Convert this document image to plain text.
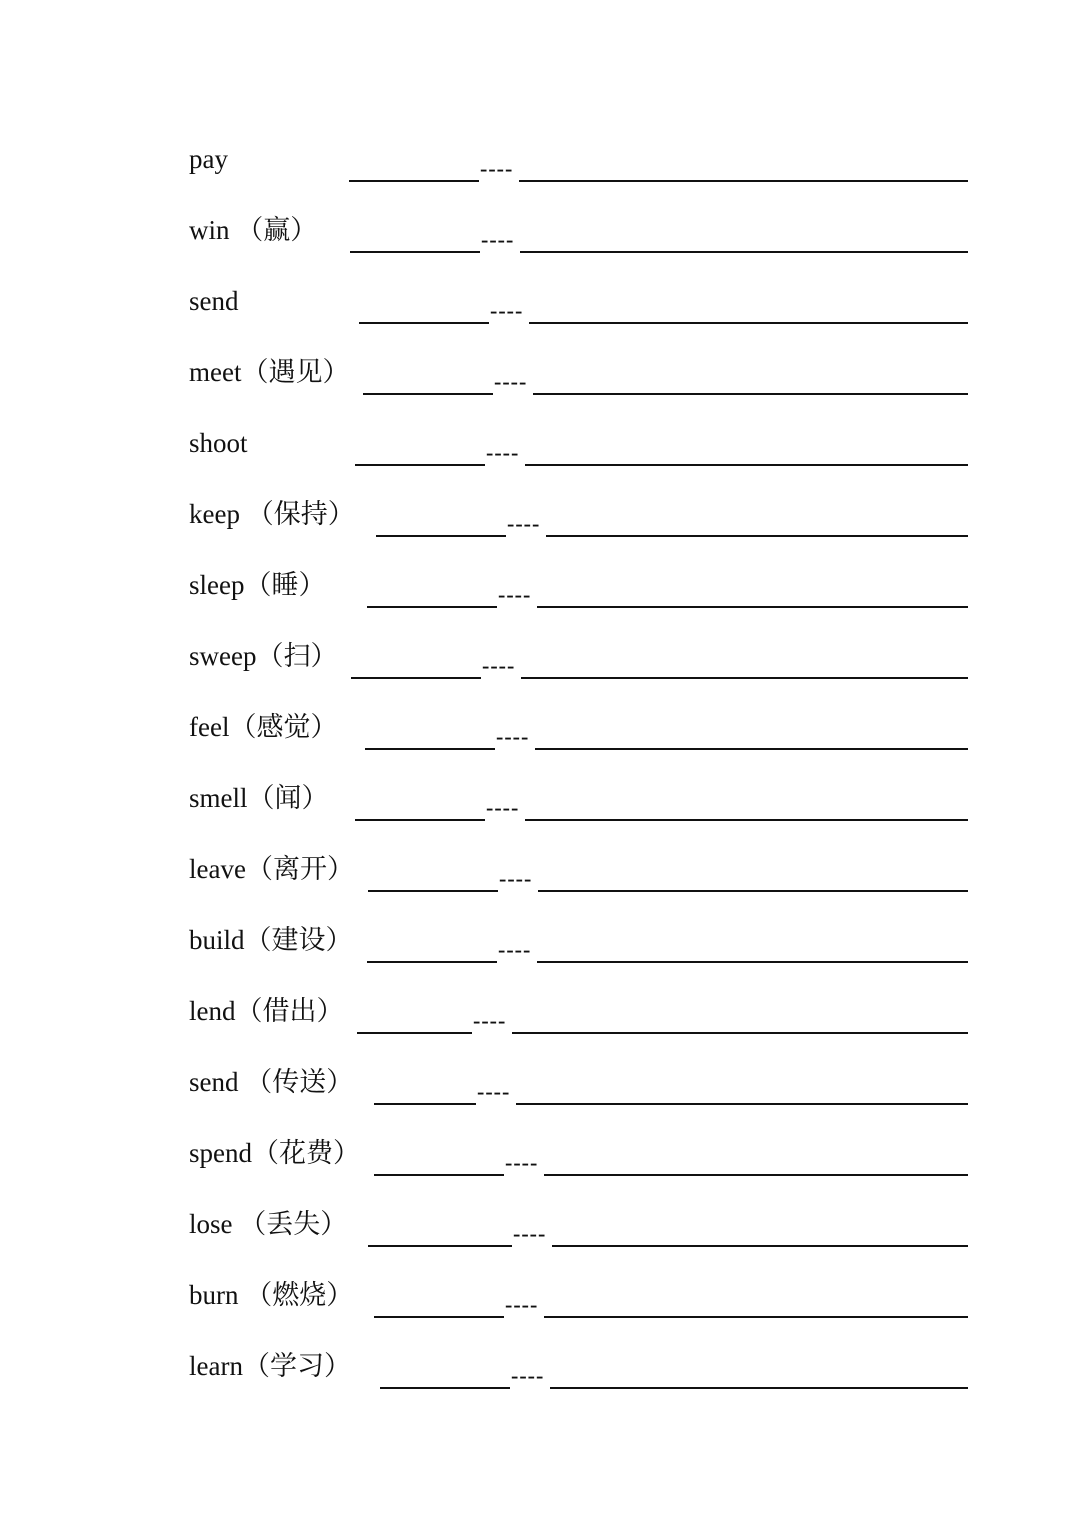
pay	----
win （赢）	----
send	----
meet（遇见）	----
shoot	----
keep （保持）	----
sleep（睡）	----
sweep（扫）	----
feel（感觉）	----
smell（闻）	----
leave（离开）	----
build（建设）	----
lend（借出）	----
send （传送）	----
spend（花费）	----
lose （丢失）	----
burn （燃烧）	----
learn（学习）	----
